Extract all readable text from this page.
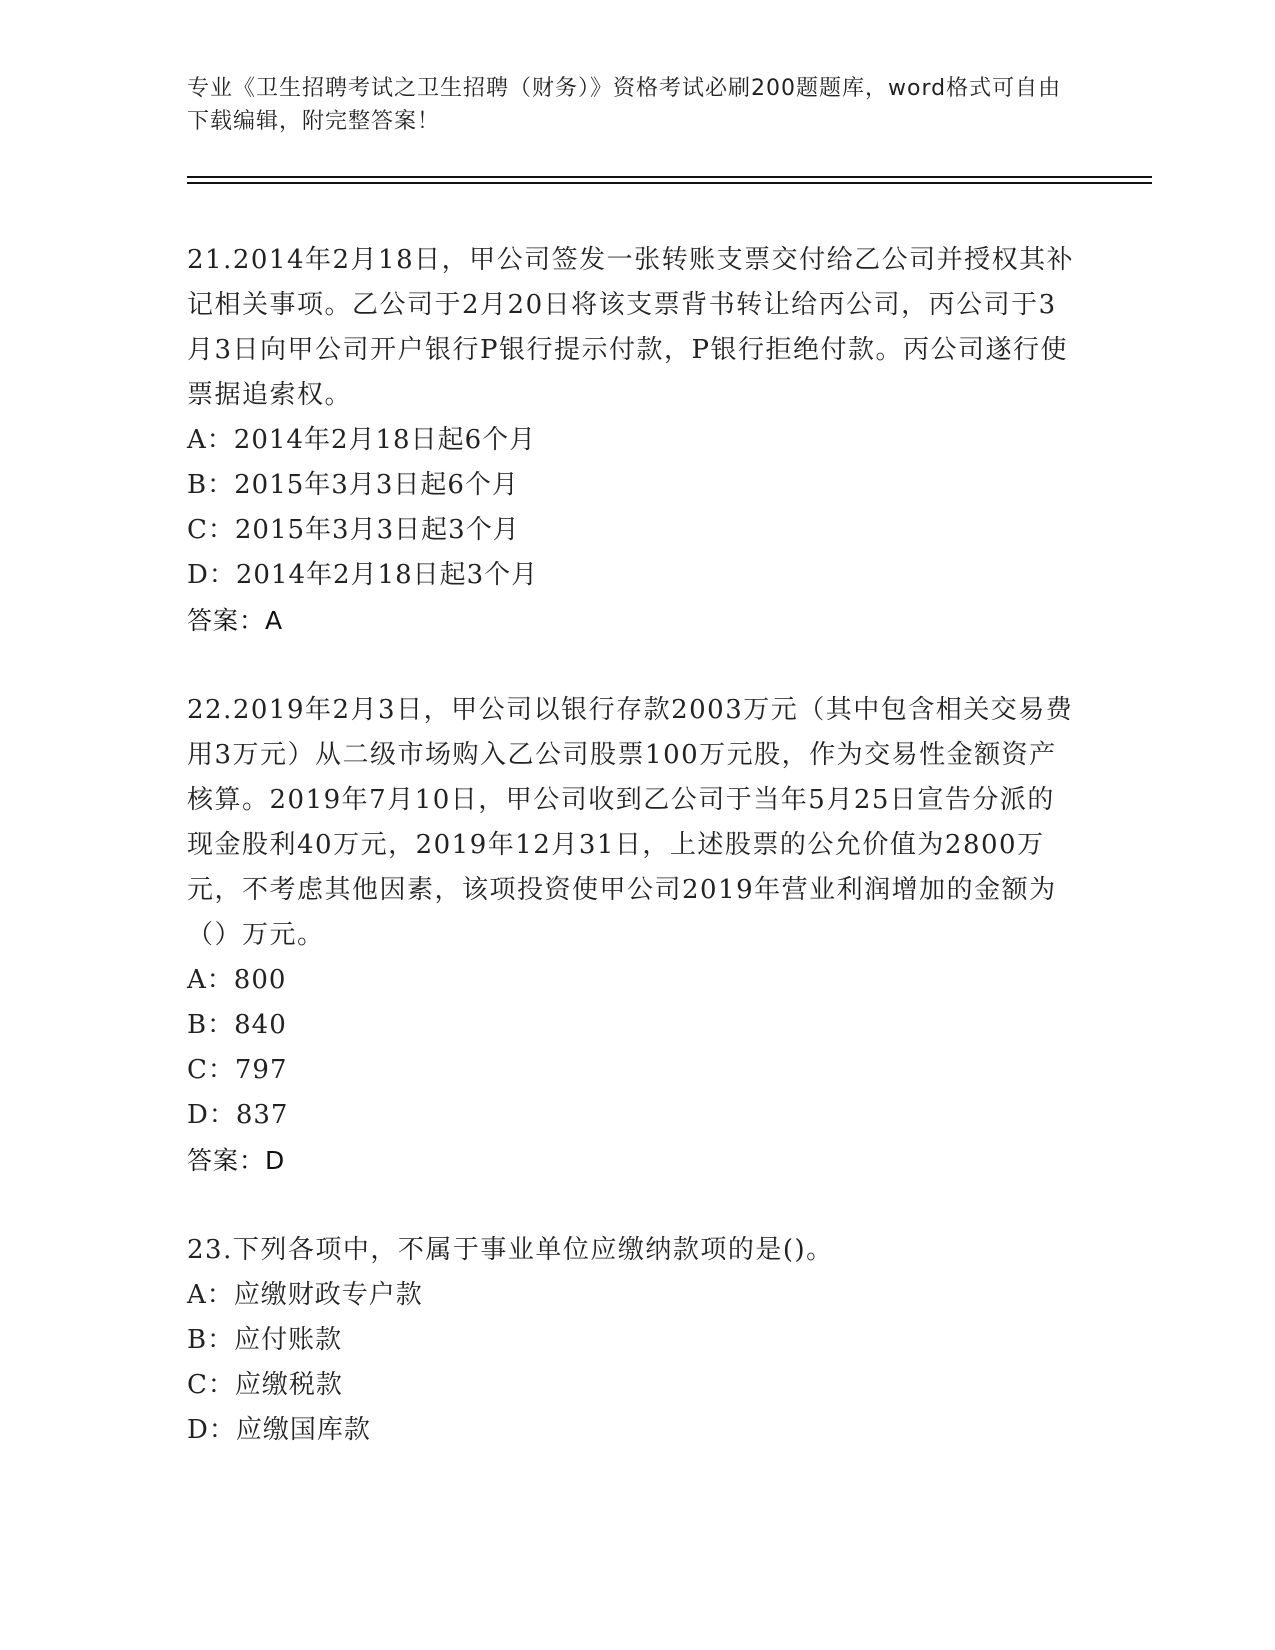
专业《卫生招聘考试之卫生招聘（财务）》资格考试必刷200题题库，word格式可自由下载编辑，附完整答案！

21.2014年2月18日，甲公司签发一张转账支票交付给乙公司并授权其补记相关事项。乙公司于2月20日将该支票背书转让给丙公司，丙公司于3月3日向甲公司开户银行P银行提示付款，P银行拒绝付款。丙公司遂行使票据追索权。

A：2014年2月18日起6个月

B：2015年3月3日起6个月

C：2015年3月3日起3个月

D：2014年2月18日起3个月

答案：A

22.2019年2月3日，甲公司以银行存款2003万元（其中包含相关交易费用3万元）从二级市场购入乙公司股票100万元股，作为交易性金额资产核算。2019年7月10日，甲公司收到乙公司于当年5月25日宣告分派的现金股利40万元，2019年12月31日，上述股票的公允价值为2800万元，不考虑其他因素，该项投资使甲公司2019年营业利润增加的金额为（）万元。

A：800

B：840

C：797

D：837

答案：D

23.下列各项中，不属于事业单位应缴纳款项的是()。

A：应缴财政专户款

B：应付账款

C：应缴税款

D：应缴国库款
